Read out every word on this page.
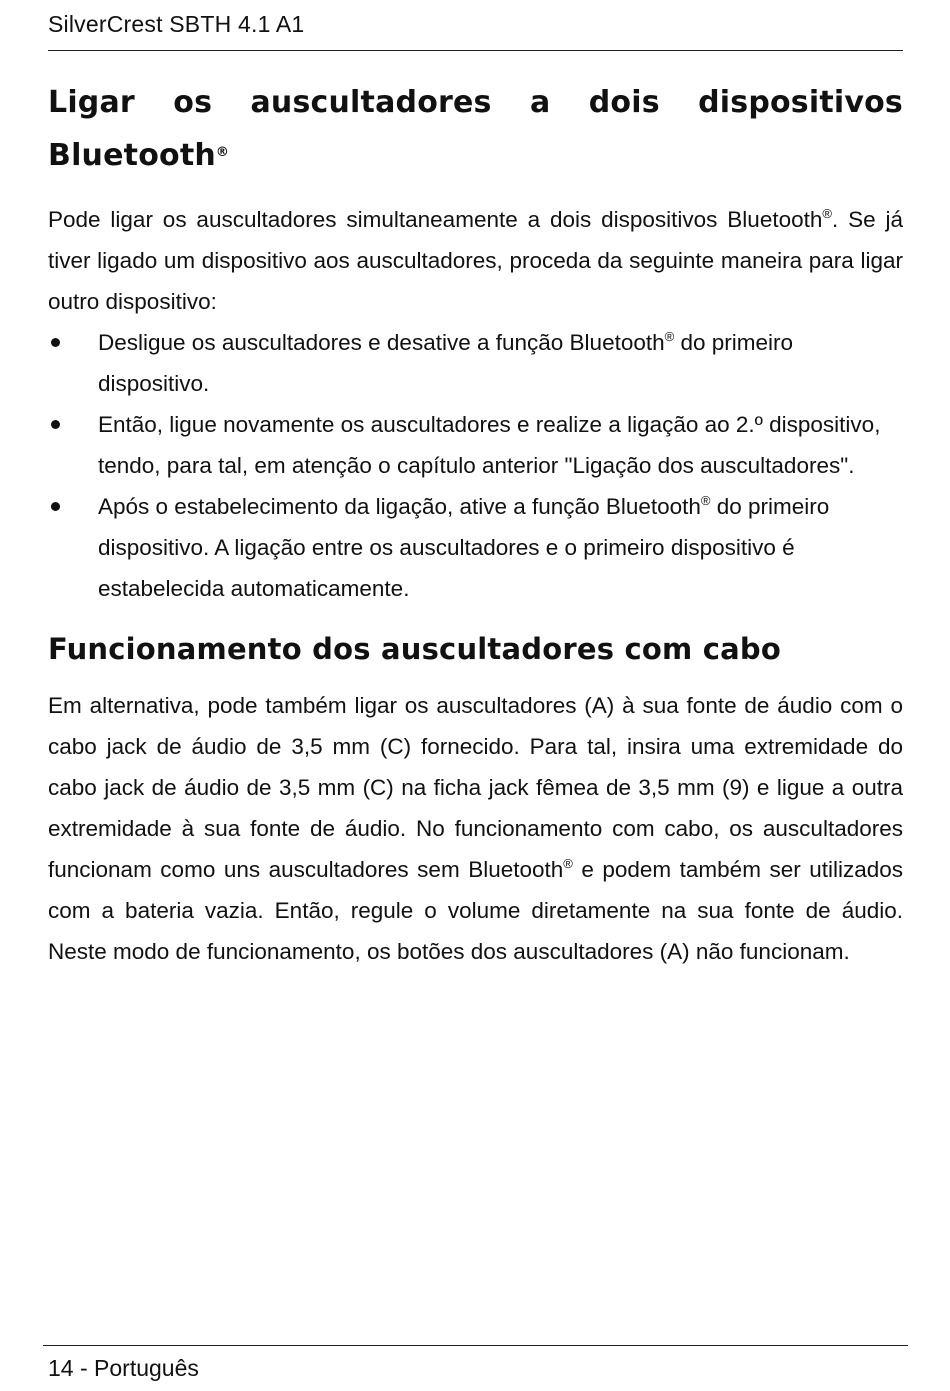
SilverCrest SBTH 4.1 A1
Ligar os auscultadores a dois dispositivos Bluetooth®

Pode ligar os auscultadores simultaneamente a dois dispositivos Bluetooth®. Se já tiver ligado um dispositivo aos auscultadores, proceda da seguinte maneira para ligar outro dispositivo:

Desligue os auscultadores e desative a função Bluetooth® do primeiro dispositivo.
Então, ligue novamente os auscultadores e realize a ligação ao 2.º dispositivo, tendo, para tal, em atenção o capítulo anterior "Ligação dos auscultadores".
Após o estabelecimento da ligação, ative a função Bluetooth® do primeiro dispositivo. A ligação entre os auscultadores e o primeiro dispositivo é estabelecida automaticamente.
Funcionamento dos auscultadores com cabo

Em alternativa, pode também ligar os auscultadores (A) à sua fonte de áudio com o cabo jack de áudio de 3,5 mm (C) fornecido. Para tal, insira uma extremidade do cabo jack de áudio de 3,5 mm (C) na ficha jack fêmea de 3,5 mm (9) e ligue a outra extremidade à sua fonte de áudio. No funcionamento com cabo, os auscultadores funcionam como uns auscultadores sem Bluetooth® e podem também ser utilizados com a bateria vazia. Então, regule o volume diretamente na sua fonte de áudio. Neste modo de funcionamento, os botões dos auscultadores (A) não funcionam.

14 - Português
